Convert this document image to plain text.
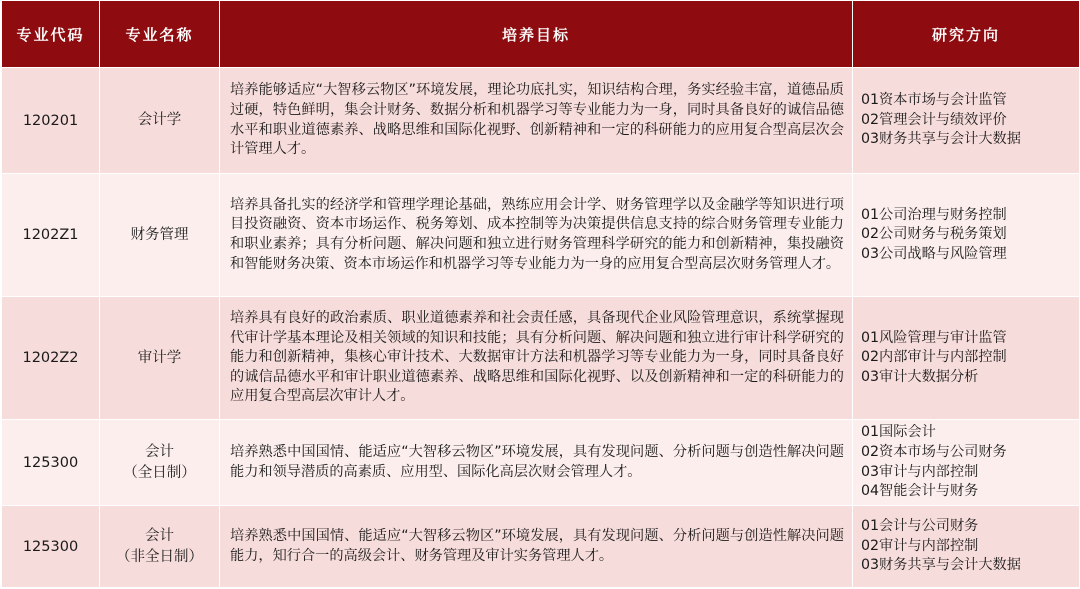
专业代码	专业名称	培养目标	研究方向
120201	会计学	培养能够适应“大智移云物区”环境发展，理论功底扎实，知识结构合理，务实经验丰富，道德品质过硬，特色鲜明，集会计财务、数据分析和机器学习等专业能力为一身，同时具备良好的诚信品德水平和职业道德素养、战略思维和国际化视野、创新精神和一定的科研能力的应用复合型高层次会计管理人才。	01资本市场与会计监管
02管理会计与绩效评价
03财务共享与会计大数据

1202Z1	财务管理	培养具备扎实的经济学和管理学理论基础，熟练应用会计学、财务管理学以及金融学等知识进行项目投资融资、资本市场运作、税务筹划、成本控制等为决策提供信息支持的综合财务管理专业能力和职业素养；具有分析问题、解决问题和独立进行财务管理科学研究的能力和创新精神，集投融资和智能财务决策、资本市场运作和机器学习等专业能力为一身的应用复合型高层次财务管理人才。	01公司治理与财务控制
02公司财务与税务策划
03公司战略与风险管理

1202Z2	审计学	培养具有良好的政治素质、职业道德素养和社会责任感，具备现代企业风险管理意识，系统掌握现代审计学基本理论及相关领域的知识和技能；具有分析问题、解决问题和独立进行审计科学研究的能力和创新精神，集核心审计技术、大数据审计方法和机器学习等专业能力为一身，同时具备良好的诚信品德水平和审计职业道德素养、战略思维和国际化视野、以及创新精神和一定的科研能力的应用复合型高层次审计人才。	01风险管理与审计监管
02内部审计与内部控制
03审计大数据分析

125300	会计
（全日制）	培养熟悉中国国情、能适应“大智移云物区”环境发展，具有发现问题、分析问题与创造性解决问题能力和领导潜质的高素质、应用型、国际化高层次财会管理人才。	01国际会计
02资本市场与公司财务
03审计与内部控制
04智能会计与财务

125300	会计
（非全日制）	培养熟悉中国国情、能适应“大智移云物区”环境发展，具有发现问题、分析问题与创造性解决问题能力，知行合一的高级会计、财务管理及审计实务管理人才。	01会计与公司财务
02审计与内部控制
03财务共享与会计大数据
